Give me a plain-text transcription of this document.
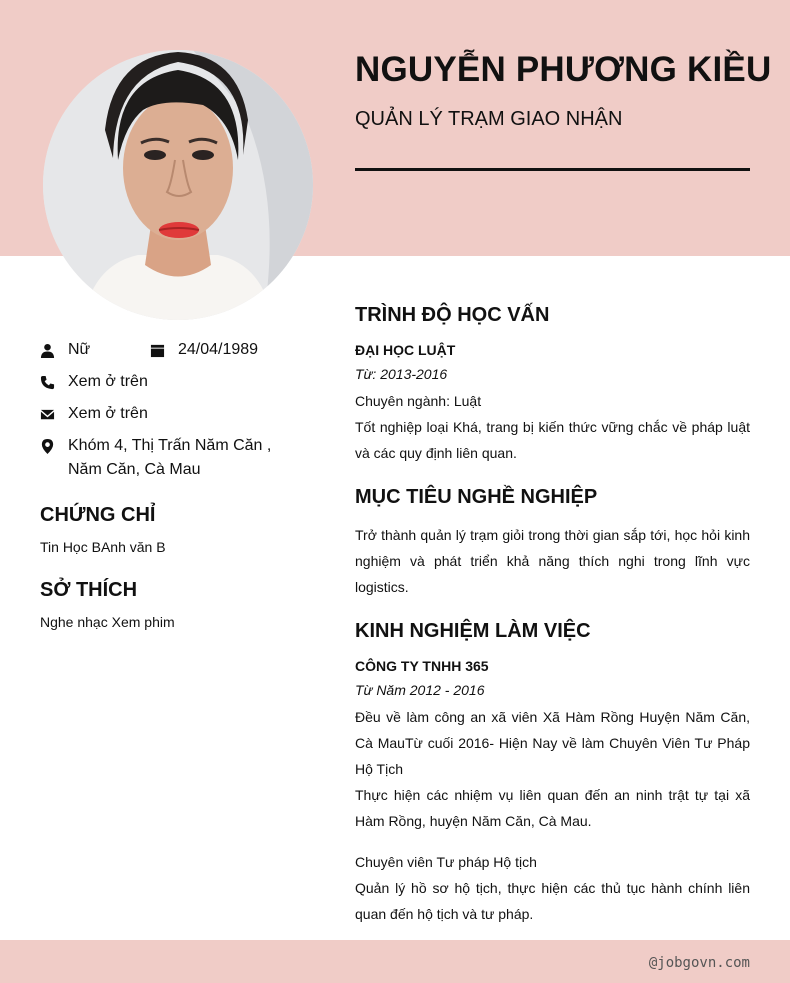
NGUYỄN PHƯƠNG KIỀU
QUẢN LÝ TRẠM GIAO NHẬN
Nữ	24/04/1989
Xem ở trên
Xem ở trên
Khóm 4, Thị Trấn Năm Căn , Năm Căn, Cà Mau
CHỨNG CHỈ
Tin Học BAnh văn B
SỞ THÍCH
Nghe nhạc Xem phim
TRÌNH ĐỘ HỌC VẤN
ĐẠI HỌC LUẬT
Từ: 2013-2016
Chuyên ngành: Luật
Tốt nghiệp loại Khá, trang bị kiến thức vững chắc về pháp luật và các quy định liên quan.
MỤC TIÊU NGHỀ NGHIỆP
Trở thành quản lý trạm giỏi trong thời gian sắp tới, học hỏi kinh nghiệm và phát triển khả năng thích nghi trong lĩnh vực logistics.
KINH NGHIỆM LÀM VIỆC
CÔNG TY TNHH 365
Từ Năm 2012 - 2016
Đều về làm công an xã viên Xã Hàm Rồng Huyện Năm Căn, Cà MauTừ cuối 2016- Hiện Nay về làm Chuyên Viên Tư Pháp Hộ Tịch
Thực hiện các nhiệm vụ liên quan đến an ninh trật tự tại xã Hàm Rồng, huyện Năm Căn, Cà Mau.
Chuyên viên Tư pháp Hộ tịch
Quản lý hồ sơ hộ tịch, thực hiện các thủ tục hành chính liên quan đến hộ tịch và tư pháp.
@jobgovn.com
